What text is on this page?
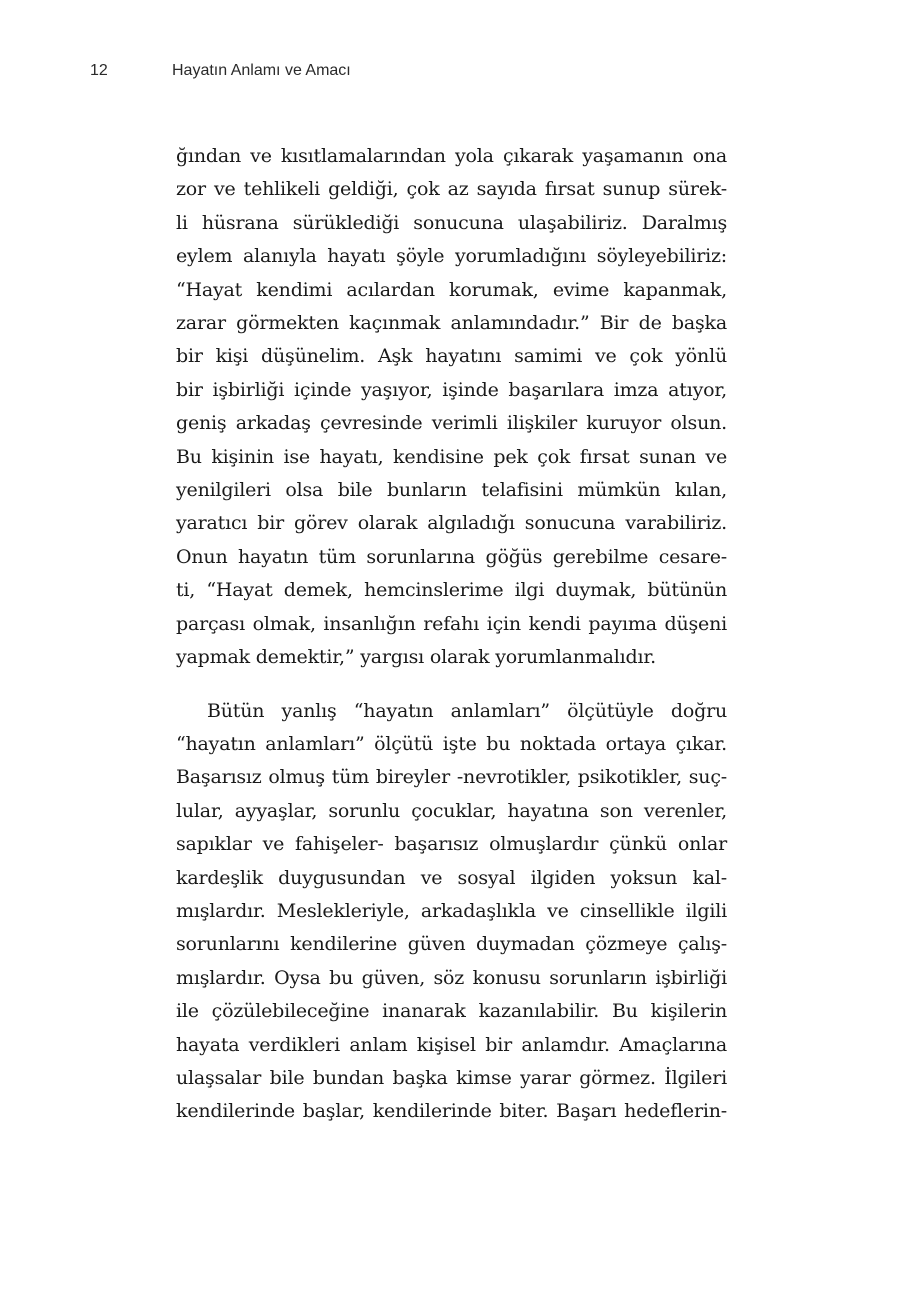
12	Hayatın Anlamı ve Amacı
ğından ve kısıtlamalarından yola çıkarak yaşamanın ona
zor ve tehlikeli geldiği, çok az sayıda fırsat sunup sürek-
li hüsrana sürüklediği sonucuna ulaşabiliriz. Daralmış
eylem alanıyla hayatı şöyle yorumladığını söyleyebiliriz:
“Hayat kendimi acılardan korumak, evime kapanmak,
zarar görmekten kaçınmak anlamındadır.” Bir de başka
bir kişi düşünelim. Aşk hayatını samimi ve çok yönlü
bir işbirliği içinde yaşıyor, işinde başarılara imza atıyor,
geniş arkadaş çevresinde verimli ilişkiler kuruyor olsun.
Bu kişinin ise hayatı, kendisine pek çok fırsat sunan ve
yenilgileri olsa bile bunların telafisini mümkün kılan,
yaratıcı bir görev olarak algıladığı sonucuna varabiliriz.
Onun hayatın tüm sorunlarına göğüs gerebilme cesare-
ti, “Hayat demek, hemcinslerime ilgi duymak, bütünün
parçası olmak, insanlığın refahı için kendi payıma düşeni
yapmak demektir,” yargısı olarak yorumlanmalıdır.
Bütün yanlış “hayatın anlamları” ölçütüyle doğru
“hayatın anlamları” ölçütü işte bu noktada ortaya çıkar.
Başarısız olmuş tüm bireyler -nevrotikler, psikotikler, suç-
lular, ayyaşlar, sorunlu çocuklar, hayatına son verenler,
sapıklar ve fahişeler- başarısız olmuşlardır çünkü onlar
kardeşlik duygusundan ve sosyal ilgiden yoksun kal-
mışlardır. Meslekleriyle, arkadaşlıkla ve cinsellikle ilgili
sorunlarını kendilerine güven duymadan çözmeye çalış-
mışlardır. Oysa bu güven, söz konusu sorunların işbirliği
ile çözülebileceğine inanarak kazanılabilir. Bu kişilerin
hayata verdikleri anlam kişisel bir anlamdır. Amaçlarına
ulaşsalar bile bundan başka kimse yarar görmez. İlgileri
kendilerinde başlar, kendilerinde biter. Başarı hedeflerin-
